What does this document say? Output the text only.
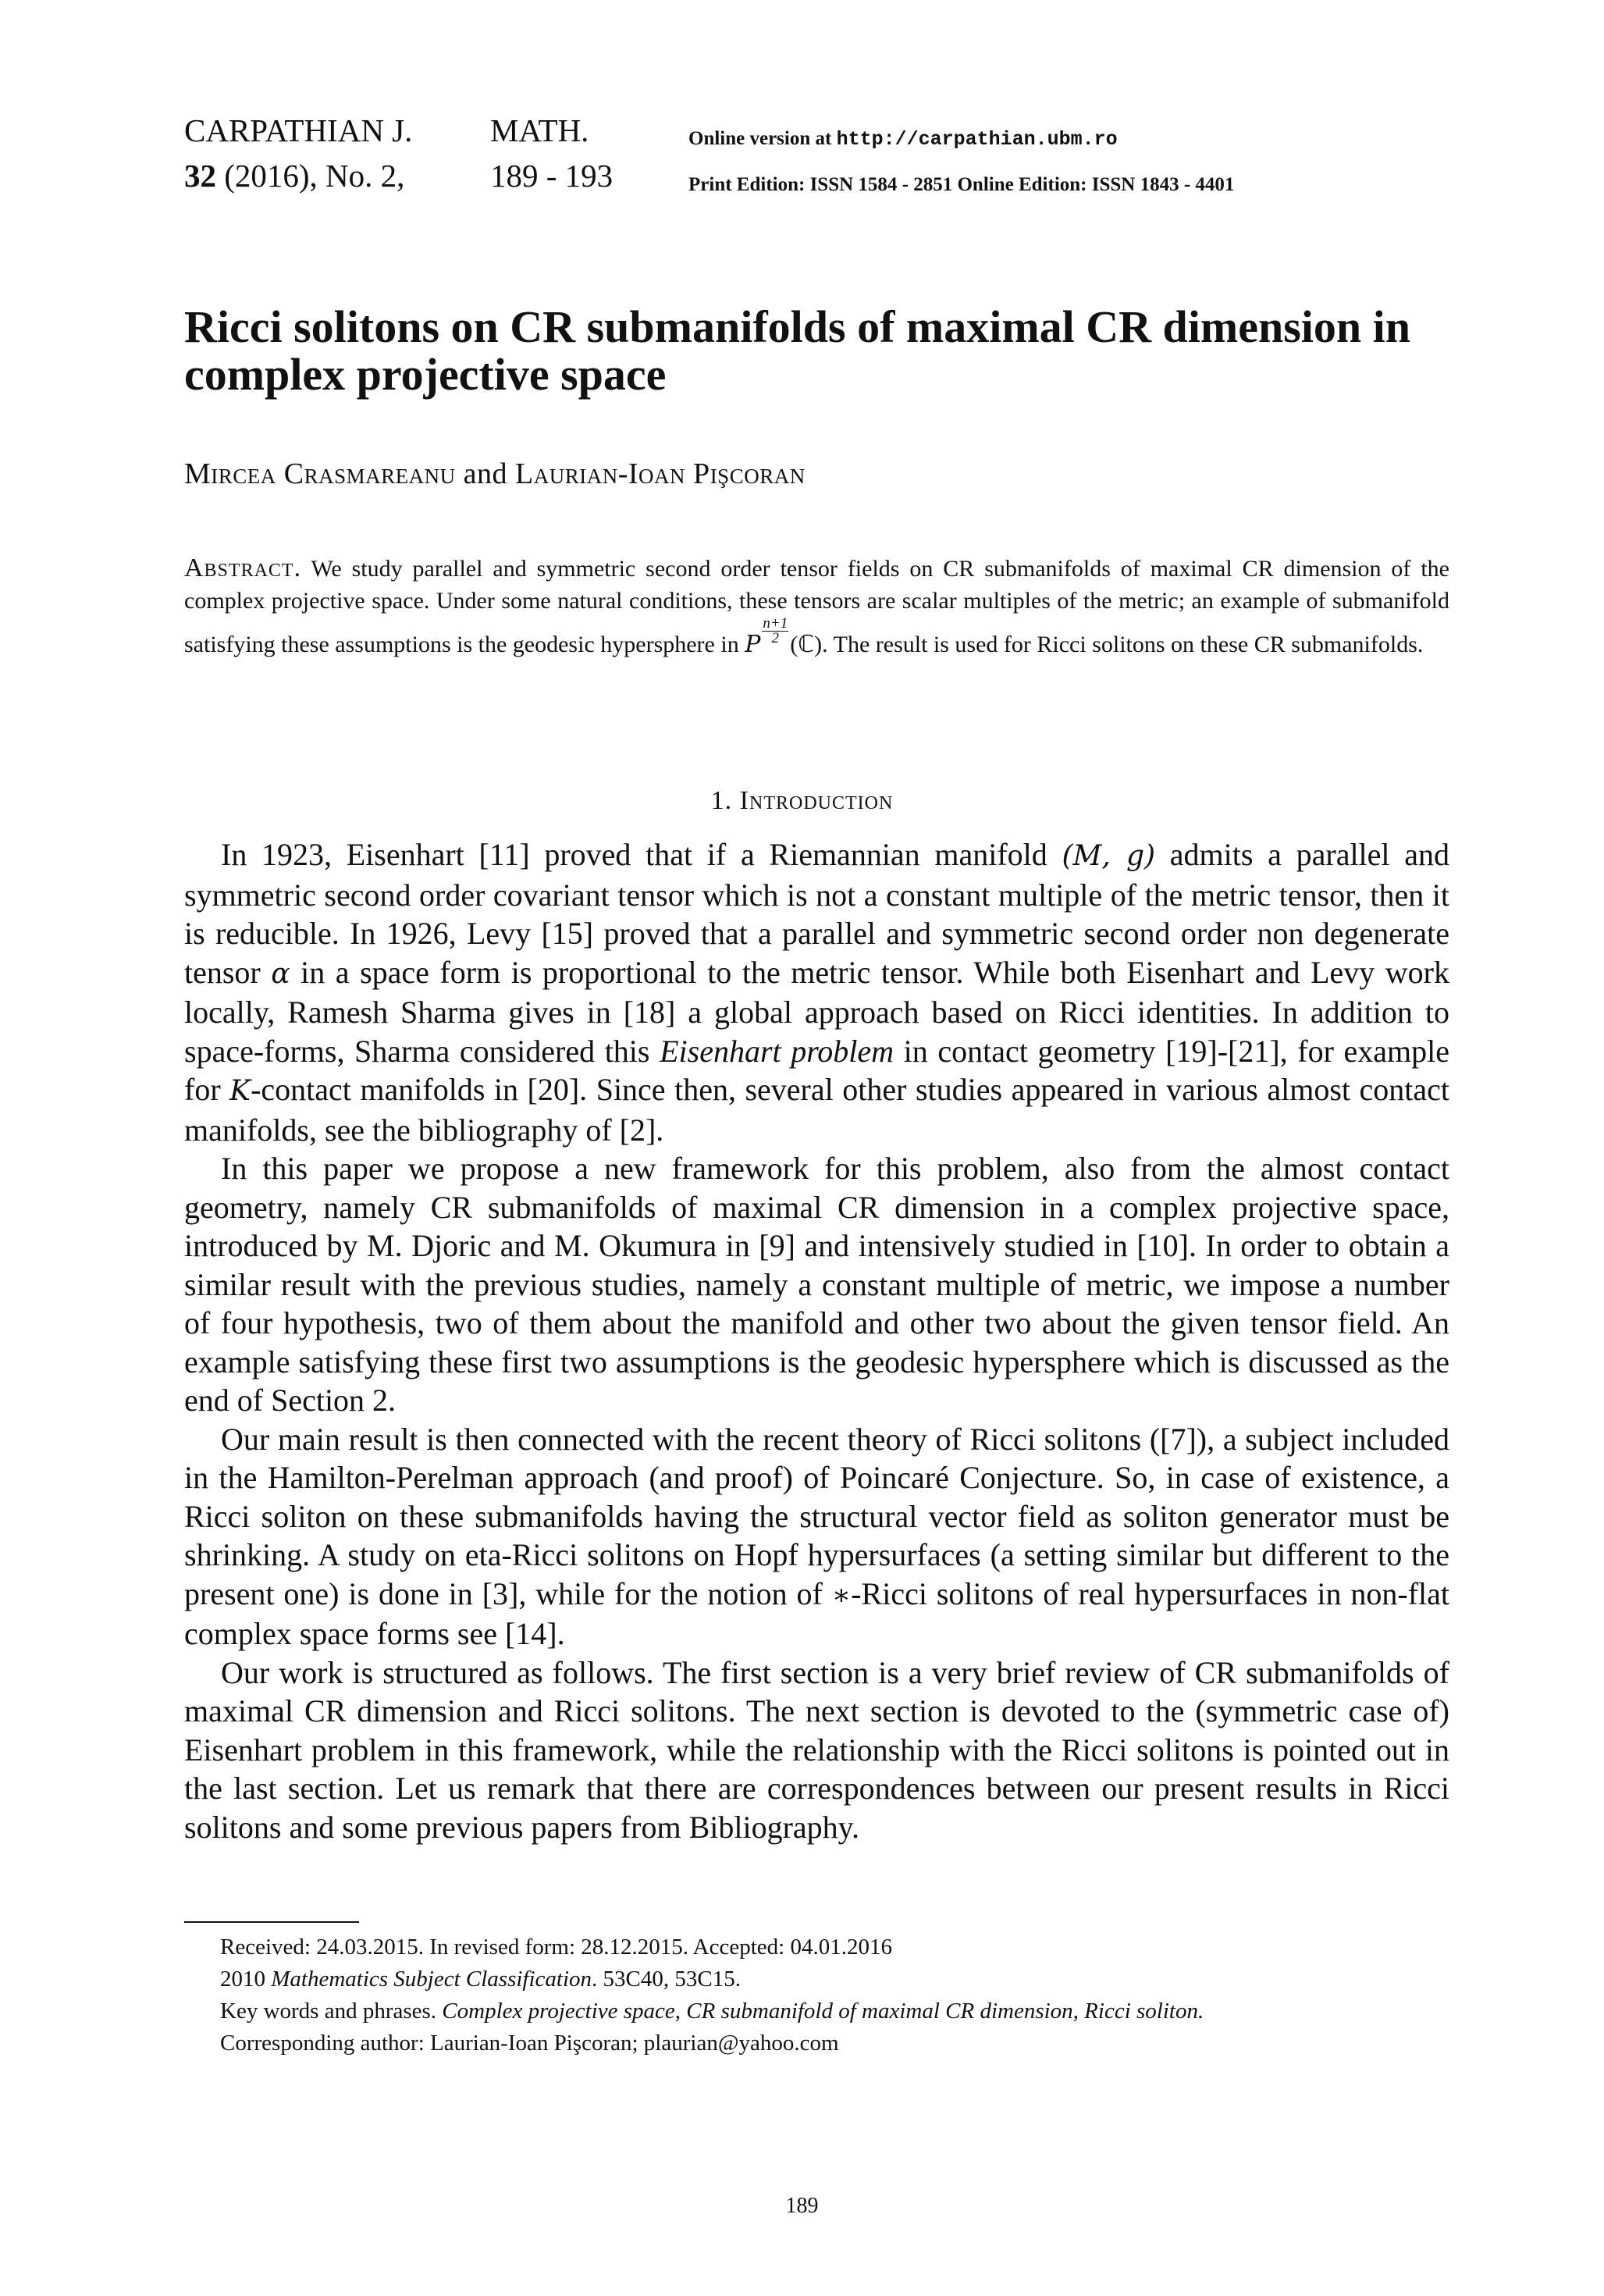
CARPATHIAN J. MATH.
32 (2016), No. 2,	189 - 193
Online version at http://carpathian.ubm.ro
Print Edition: ISSN 1584 - 2851 Online Edition: ISSN 1843 - 4401
Ricci solitons on CR submanifolds of maximal CR dimension in complex projective space
Mircea Crasmareanu and Laurian-Ioan Pişcoran
Abstract. We study parallel and symmetric second order tensor fields on CR submanifolds of maximal CR dimension of the complex projective space. Under some natural conditions, these tensors are scalar multiples of the metric; an example of submanifold satisfying these assumptions is the geodesic hypersphere in P $\frac{n+1}{2}$ (ℂ). The result is used for Ricci solitons on these CR submanifolds.
1. Introduction

In 1923, Eisenhart [11] proved that if a Riemannian manifold (M, g) admits a parallel and symmetric second order covariant tensor which is not a constant multiple of the metric tensor, then it is reducible. In 1926, Levy [15] proved that a parallel and symmetric second order non degenerate tensor α in a space form is proportional to the metric tensor. While both Eisenhart and Levy work locally, Ramesh Sharma gives in [18] a global approach based on Ricci identities. In addition to space-forms, Sharma considered this Eisenhart problem in contact geometry [19]-[21], for example for K-contact manifolds in [20]. Since then, several other studies appeared in various almost contact manifolds, see the bibliography of [2].

In this paper we propose a new framework for this problem, also from the almost contact geometry, namely CR submanifolds of maximal CR dimension in a complex projective space, introduced by M. Djoric and M. Okumura in [9] and intensively studied in [10]. In order to obtain a similar result with the previous studies, namely a constant multiple of metric, we impose a number of four hypothesis, two of them about the manifold and other two about the given tensor field. An example satisfying these first two assumptions is the geodesic hypersphere which is discussed as the end of Section 2.

Our main result is then connected with the recent theory of Ricci solitons ([7]), a subject included in the Hamilton-Perelman approach (and proof) of Poincaré Conjecture. So, in case of existence, a Ricci soliton on these submanifolds having the structural vector field as soliton generator must be shrinking. A study on eta-Ricci solitons on Hopf hypersurfaces (a setting similar but different to the present one) is done in [3], while for the notion of ∗-Ricci solitons of real hypersurfaces in non-flat complex space forms see [14].

Our work is structured as follows. The first section is a very brief review of CR submanifolds of maximal CR dimension and Ricci solitons. The next section is devoted to the (symmetric case of) Eisenhart problem in this framework, while the relationship with the Ricci solitons is pointed out in the last section. Let us remark that there are correspondences between our present results in Ricci solitons and some previous papers from Bibliography.

Received: 24.03.2015. In revised form: 28.12.2015. Accepted: 04.01.2016
2010 Mathematics Subject Classification. 53C40, 53C15.
Key words and phrases. Complex projective space, CR submanifold of maximal CR dimension, Ricci soliton.
Corresponding author: Laurian-Ioan Pişcoran; plaurian@yahoo.com
189
